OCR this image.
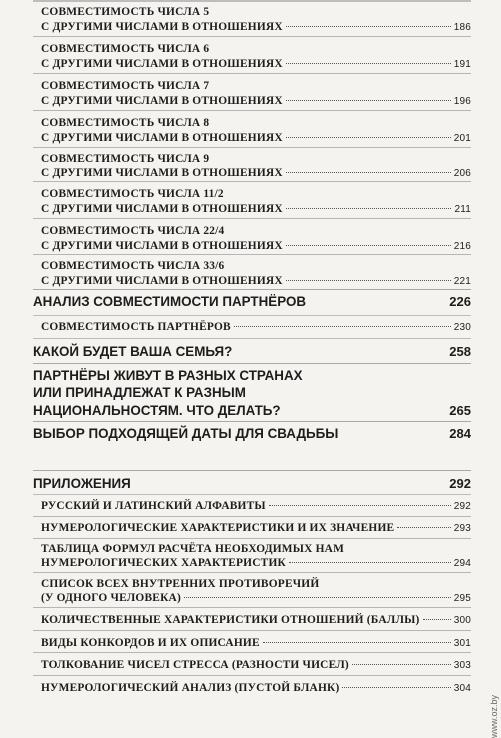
СОВМЕСТИМОСТЬ ЧИСЛА 5
С ДРУГИМИ ЧИСЛАМИ В ОТНОШЕНИЯХ	186
СОВМЕСТИМОСТЬ ЧИСЛА 6
С ДРУГИМИ ЧИСЛАМИ В ОТНОШЕНИЯХ	191
СОВМЕСТИМОСТЬ ЧИСЛА 7
С ДРУГИМИ ЧИСЛАМИ В ОТНОШЕНИЯХ	196
СОВМЕСТИМОСТЬ ЧИСЛА 8
С ДРУГИМИ ЧИСЛАМИ В ОТНОШЕНИЯХ	201
СОВМЕСТИМОСТЬ ЧИСЛА 9
С ДРУГИМИ ЧИСЛАМИ В ОТНОШЕНИЯХ	206
СОВМЕСТИМОСТЬ ЧИСЛА 11/2
С ДРУГИМИ ЧИСЛАМИ В ОТНОШЕНИЯХ	211
СОВМЕСТИМОСТЬ ЧИСЛА 22/4
С ДРУГИМИ ЧИСЛАМИ В ОТНОШЕНИЯХ	216
СОВМЕСТИМОСТЬ ЧИСЛА 33/6
С ДРУГИМИ ЧИСЛАМИ В ОТНОШЕНИЯХ	221
АНАЛИЗ СОВМЕСТИМОСТИ ПАРТНЁРОВ	226
СОВМЕСТИМОСТЬ ПАРТНЁРОВ	230
КАКОЙ БУДЕТ ВАША СЕМЬЯ?	258
ПАРТНЁРЫ ЖИВУТ В РАЗНЫХ СТРАНАХ
ИЛИ ПРИНАДЛЕЖАТ К РАЗНЫМ
НАЦИОНАЛЬНОСТЯМ. ЧТО ДЕЛАТЬ?	265
ВЫБОР ПОДХОДЯЩЕЙ ДАТЫ ДЛЯ СВАДЬБЫ	284
ПРИЛОЖЕНИЯ	292
РУССКИЙ И ЛАТИНСКИЙ АЛФАВИТЫ	292
НУМЕРОЛОГИЧЕСКИЕ ХАРАКТЕРИСТИКИ И ИХ ЗНАЧЕНИЕ	293
ТАБЛИЦА ФОРМУЛ РАСЧЁТА НЕОБХОДИМЫХ НАМ
НУМЕРОЛОГИЧЕСКИХ ХАРАКТЕРИСТИК	294
СПИСОК ВСЕХ ВНУТРЕННИХ ПРОТИВОРЕЧИЙ
(У ОДНОГО ЧЕЛОВЕКА)	295
КОЛИЧЕСТВЕННЫЕ ХАРАКТЕРИСТИКИ ОТНОШЕНИЙ (БАЛЛЫ)	300
ВИДЫ КОНКОРДОВ И ИХ ОПИСАНИЕ	301
ТОЛКОВАНИЕ ЧИСЕЛ СТРЕССА (РАЗНОСТИ ЧИСЕЛ)	303
НУМЕРОЛОГИЧЕСКИЙ АНАЛИЗ (ПУСТОЙ БЛАНК)	304
www.oz.by
